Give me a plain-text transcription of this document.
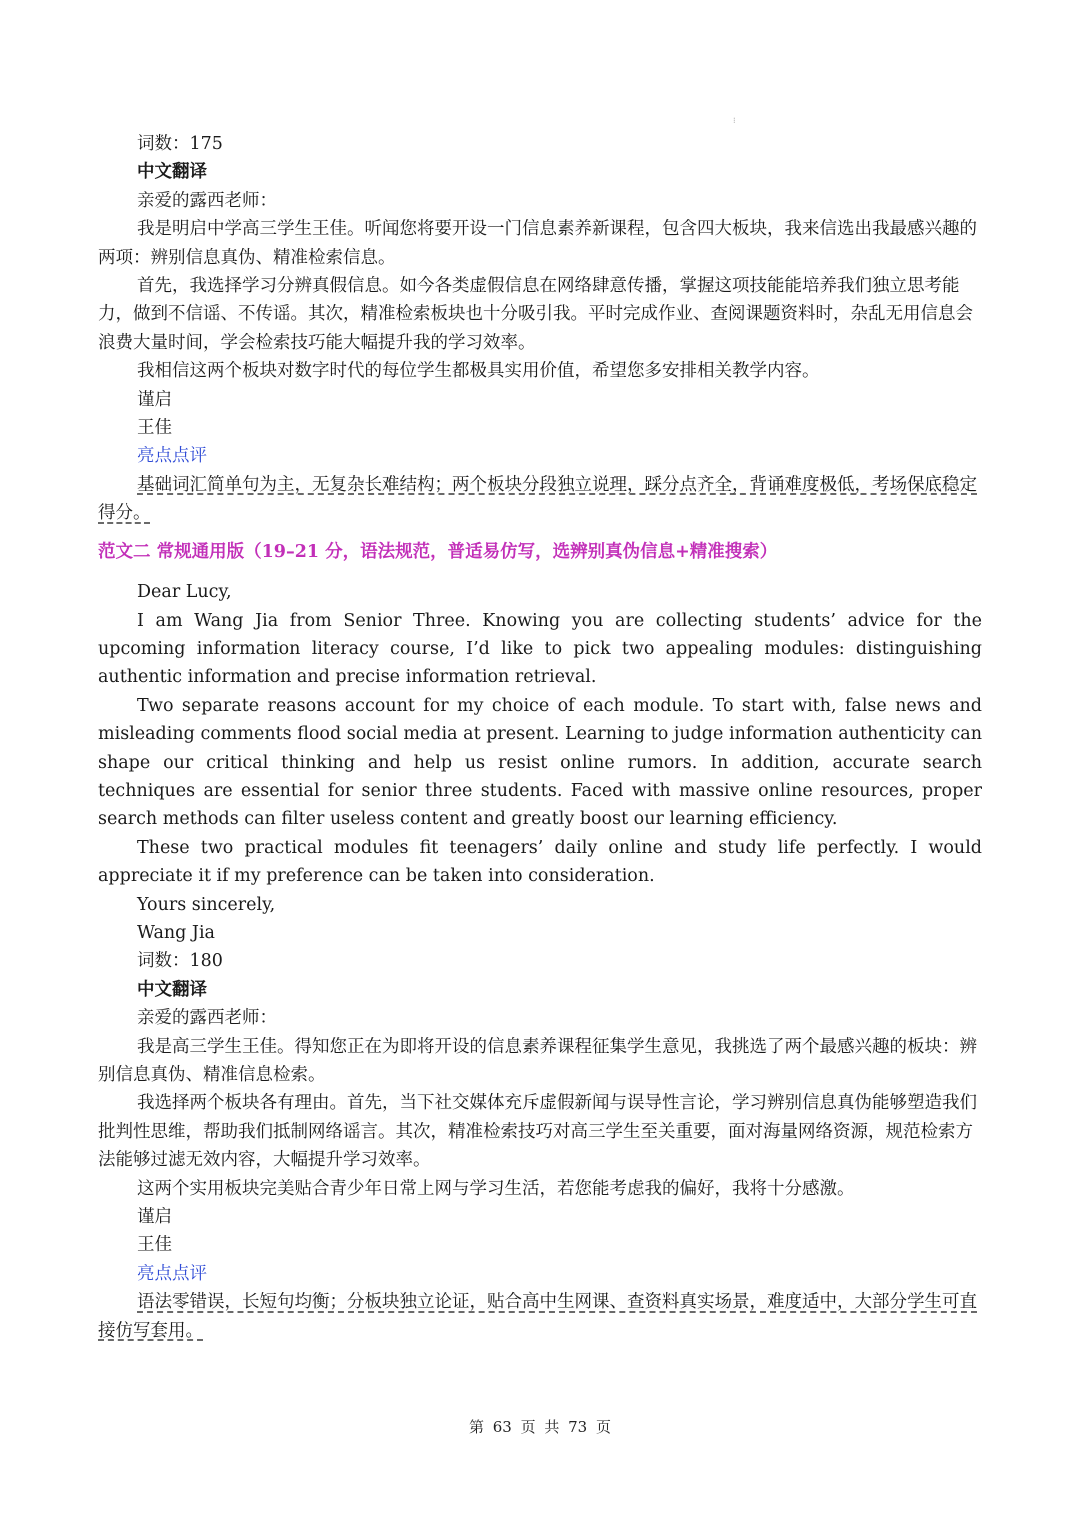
⁝

词数：175

中文翻译

亲爱的露西老师：

我是明启中学高三学生王佳。听闻您将要开设一门信息素养新课程，包含四大板块，我来信选出我最感兴趣的两项：辨别信息真伪、精准检索信息。

首先，我选择学习分辨真假信息。如今各类虚假信息在网络肆意传播，掌握这项技能能培养我们独立思考能力，做到不信谣、不传谣。其次，精准检索板块也十分吸引我。平时完成作业、查阅课题资料时，杂乱无用信息会浪费大量时间，学会检索技巧能大幅提升我的学习效率。

我相信这两个板块对数字时代的每位学生都极具实用价值，希望您多安排相关教学内容。

谨启

王佳

亮点点评

基础词汇简单句为主，无复杂长难结构；两个板块分段独立说理，踩分点齐全，背诵难度极低，考场保底稳定得分。

范文二 常规通用版（19–21 分，语法规范，普适易仿写，选辨别真伪信息+精准搜索）

Dear Lucy,

I am Wang Jia from Senior Three. Knowing you are collecting students’ advice for the upcoming information literacy course, I’d like to pick two appealing modules: distinguishing authentic information and precise information retrieval.

Two separate reasons account for my choice of each module. To start with, false news and misleading comments flood social media at present. Learning to judge information authenticity can shape our critical thinking and help us resist online rumors. In addition, accurate search techniques are essential for senior three students. Faced with massive online resources, proper search methods can filter useless content and greatly boost our learning efficiency.

These two practical modules fit teenagers’ daily online and study life perfectly. I would appreciate it if my preference can be taken into consideration.

Yours sincerely,

Wang Jia

词数：180

中文翻译

亲爱的露西老师：

我是高三学生王佳。得知您正在为即将开设的信息素养课程征集学生意见，我挑选了两个最感兴趣的板块：辨别信息真伪、精准信息检索。

我选择两个板块各有理由。首先，当下社交媒体充斥虚假新闻与误导性言论，学习辨别信息真伪能够塑造我们批判性思维，帮助我们抵制网络谣言。其次，精准检索技巧对高三学生至关重要，面对海量网络资源，规范检索方法能够过滤无效内容，大幅提升学习效率。

这两个实用板块完美贴合青少年日常上网与学习生活，若您能考虑我的偏好，我将十分感激。

谨启

王佳

亮点点评

语法零错误，长短句均衡；分板块独立论证，贴合高中生网课、查资料真实场景，难度适中，大部分学生可直接仿写套用。

第 63 页 共 73 页
